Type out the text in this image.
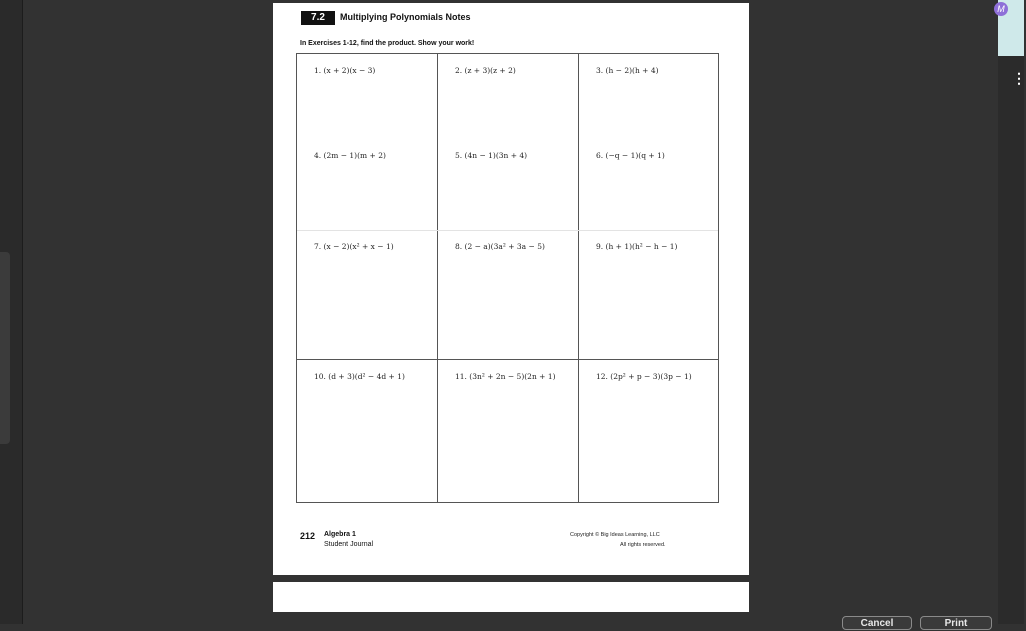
M
⋮
7.2	Multiplying Polynomials Notes
In Exercises 1-12, find the product. Show your work!
1. (x + 2)(x − 3)	2. (z + 3)(z + 2)	3. (h − 2)(h + 4)
4. (2m − 1)(m + 2)	5. (4n − 1)(3n + 4)	6. (−q − 1)(q + 1)
7. (x − 2)(x² + x − 1)	8. (2 − a)(3a² + 3a − 5)	9. (h + 1)(h² − h − 1)
10. (d + 3)(d² − 4d + 1)	11. (3n² + 2n − 5)(2n + 1)	12. (2p² + p − 3)(3p − 1)
212 Algebra 1
Student Journal
Copyright © Big Ideas Learning, LLC
All rights reserved.
Cancel	Print
